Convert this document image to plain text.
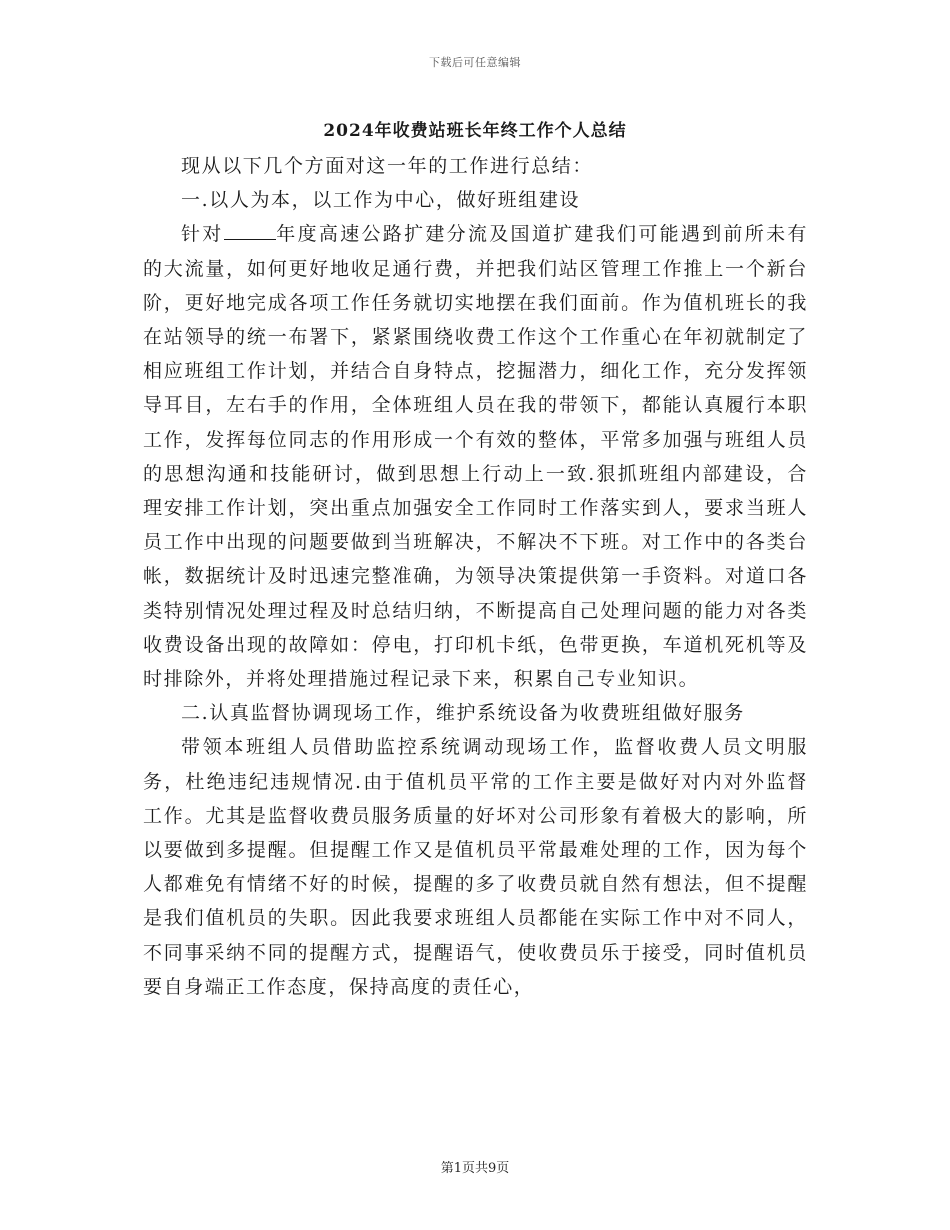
下载后可任意编辑
2024年收费站班长年终工作个人总结

现从以下几个方面对这一年的工作进行总结：

一.以人为本，以工作为中心，做好班组建设

针对	年度高速公路扩建分流及国道扩建我们可能遇到前所未有的大流量，如何更好地收足通行费，并把我们站区管理工作推上一个新台阶，更好地完成各项工作任务就切实地摆在我们面前。作为值机班长的我在站领导的统一布署下，紧紧围绕收费工作这个工作重心在年初就制定了相应班组工作计划，并结合自身特点，挖掘潜力，细化工作，充分发挥领导耳目，左右手的作用，全体班组人员在我的带领下，都能认真履行本职工作，发挥每位同志的作用形成一个有效的整体，平常多加强与班组人员的思想沟通和技能研讨，做到思想上行动上一致.狠抓班组内部建设，合理安排工作计划，突出重点加强安全工作同时工作落实到人，要求当班人员工作中出现的问题要做到当班解决，不解决不下班。对工作中的各类台帐，数据统计及时迅速完整准确，为领导决策提供第一手资料。对道口各类特别情况处理过程及时总结归纳，不断提高自己处理问题的能力对各类收费设备出现的故障如：停电，打印机卡纸，色带更换，车道机死机等及时排除外，并将处理措施过程记录下来，积累自己专业知识。

二.认真监督协调现场工作，维护系统设备为收费班组做好服务

带领本班组人员借助监控系统调动现场工作，监督收费人员文明服务，杜绝违纪违规情况.由于值机员平常的工作主要是做好对内对外监督工作。尤其是监督收费员服务质量的好坏对公司形象有着极大的影响，所以要做到多提醒。但提醒工作又是值机员平常最难处理的工作，因为每个人都难免有情绪不好的时候，提醒的多了收费员就自然有想法，但不提醒是我们值机员的失职。因此我要求班组人员都能在实际工作中对不同人，不同事采纳不同的提醒方式，提醒语气，使收费员乐于接受，同时值机员要自身端正工作态度，保持高度的责任心，

第1页共9页
